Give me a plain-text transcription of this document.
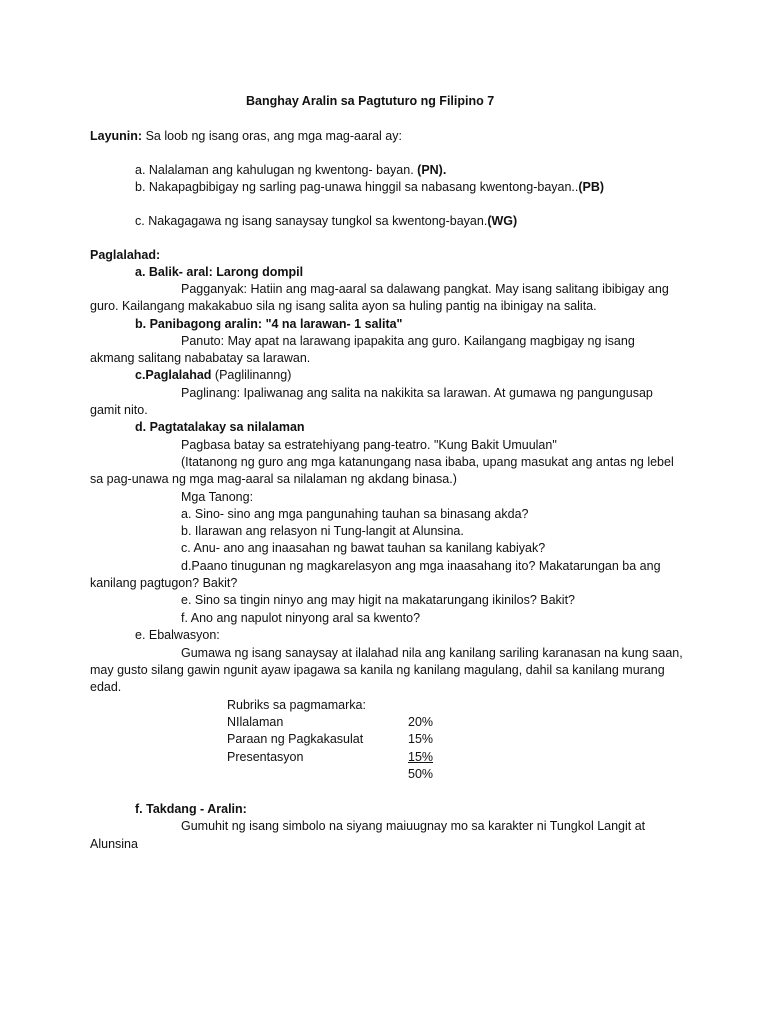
Banghay Aralin sa Pagtuturo ng Filipino 7
Layunin: Sa loob ng isang oras, ang mga mag-aaral ay:
a. Nalalaman ang kahulugan ng kwentong- bayan. (PN).
b. Nakapagbibigay ng sarling pag-unawa hinggil sa nabasang kwentong-bayan..(PB)
c. Nakagagawa ng isang sanaysay tungkol sa kwentong-bayan.(WG)
Paglalahad:
a. Balik- aral: Larong dompil
Pagganyak: Hatiin ang mag-aaral sa dalawang pangkat. May isang salitang ibibigay ang
guro. Kailangang makakabuo sila ng isang salita ayon sa huling pantig na ibinigay na salita.
b. Panibagong aralin: "4 na larawan- 1 salita"
Panuto: May apat na larawang ipapakita ang guro. Kailangang magbigay ng isang
akmang salitang nababatay sa larawan.
c.Paglalahad (Paglilinanng)
Paglinang: Ipaliwanag ang salita na nakikita sa larawan. At gumawa ng pangungusap
gamit nito.
d. Pagtatalakay sa nilalaman
Pagbasa batay sa estratehiyang pang-teatro. "Kung Bakit Umuulan"
(Itatanong ng guro ang mga katanungang nasa ibaba, upang masukat ang antas ng lebel
sa pag-unawa ng mga mag-aaral sa nilalaman ng akdang binasa.)
Mga Tanong:
a. Sino- sino ang mga pangunahing tauhan sa binasang akda?
b. Ilarawan ang relasyon ni Tung-langit at Alunsina.
c. Anu- ano ang inaasahan ng bawat tauhan sa kanilang kabiyak?
d.Paano tinugunan ng magkarelasyon ang mga inaasahang ito? Makatarungan ba ang
kanilang pagtugon? Bakit?
e. Sino sa tingin ninyo ang may higit na makatarungang ikinilos? Bakit?
f. Ano ang napulot ninyong aral sa kwento?
e. Ebalwasyon:
Gumawa ng isang sanaysay at ilalahad nila ang kanilang sariling karanasan na kung saan,
may gusto silang gawin ngunit ayaw ipagawa sa kanila ng kanilang magulang, dahil sa kanilang murang
edad.
Rubriks sa pagmamarka:
NIlalaman	20%
Paraan ng Pagkakasulat	15%
Presentasyon	15%
50%
f. Takdang - Aralin:
Gumuhit ng isang simbolo na siyang maiuugnay mo sa karakter ni Tungkol Langit at
Alunsina
